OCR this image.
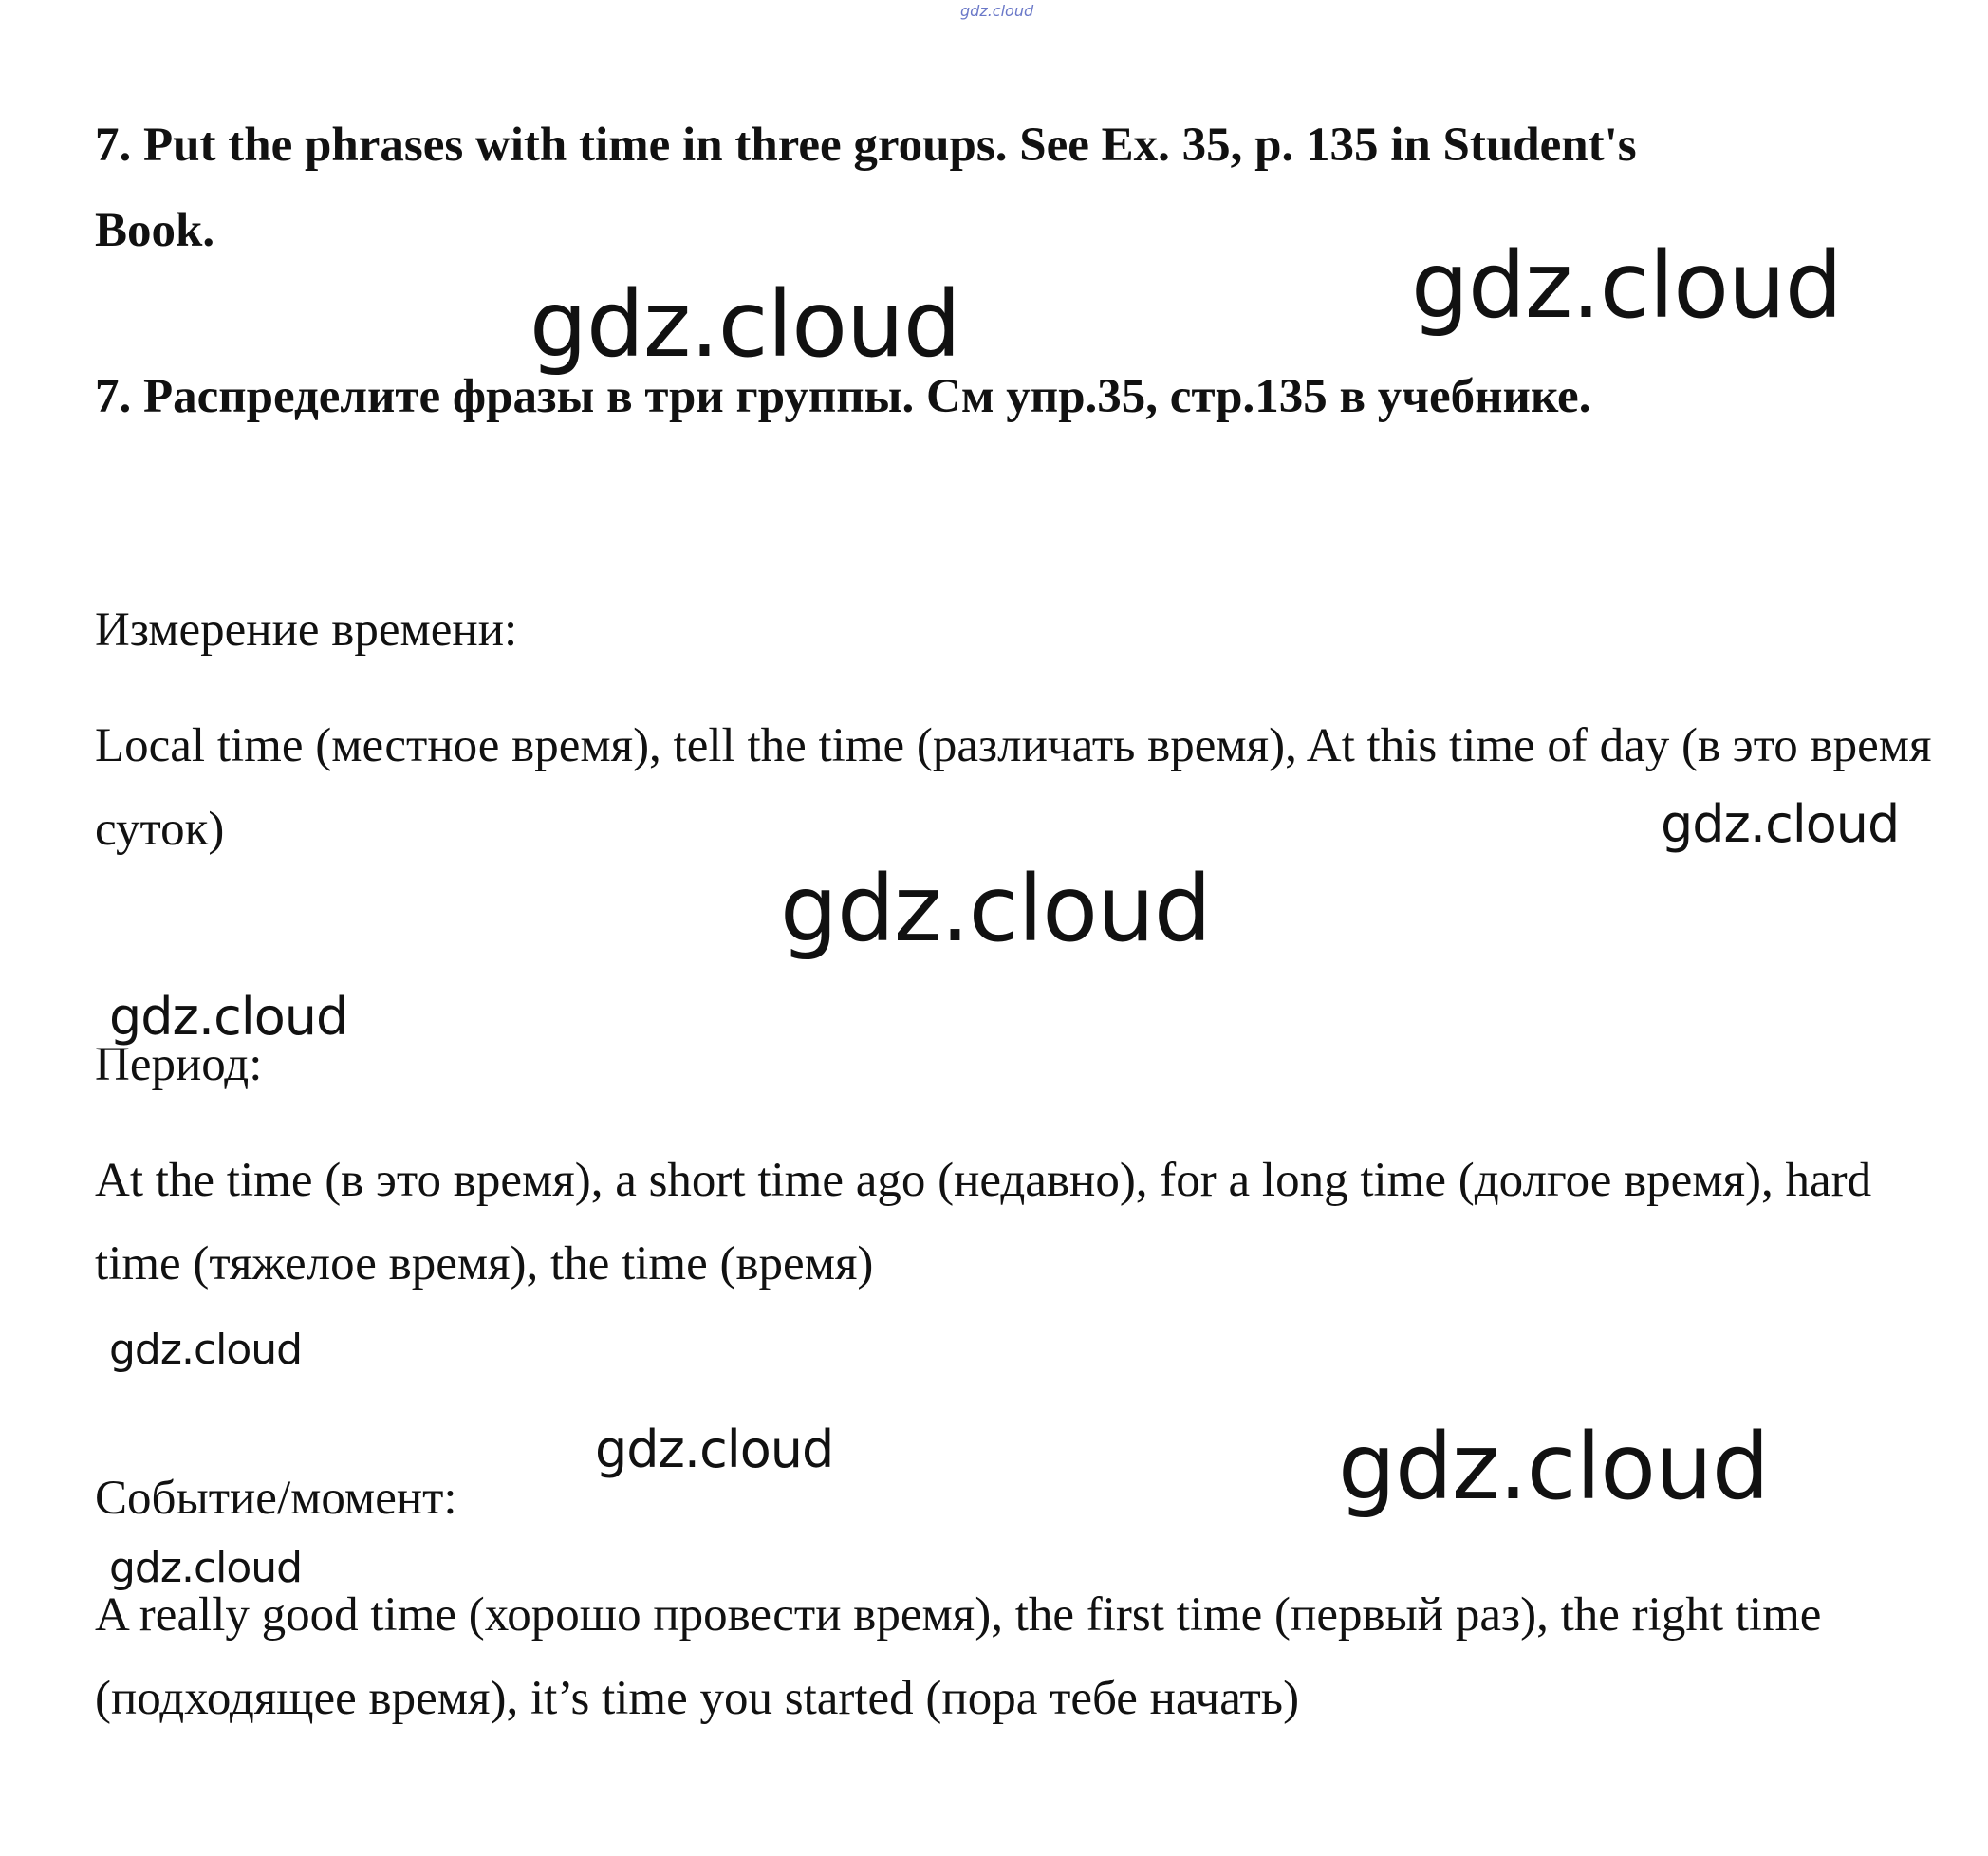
gdz.cloud

7. Put the phrases with time in three groups. See Ex. 35, p. 135 in Student's
Book.

7. Распределите фразы в три группы. См упр.35, стр.135 в учебнике.

Измерение времени:

Local time (местное время), tell the time (различать время), At this time of day (в это время суток)

Период:

At the time (в это время), a short time ago (недавно), for a long time (долгое время), hard time (тяжелое время), the time (время)

Событие/момент:

A really good time (хорошо провести время), the first time (первый раз), the right time (подходящее время), it’s time you started (пора тебе начать)

gdz.cloud
gdz.cloud
gdz.cloud
gdz.cloud
gdz.cloud
gdz.cloud
gdz.cloud	gdz.cloud
gdz.cloud
